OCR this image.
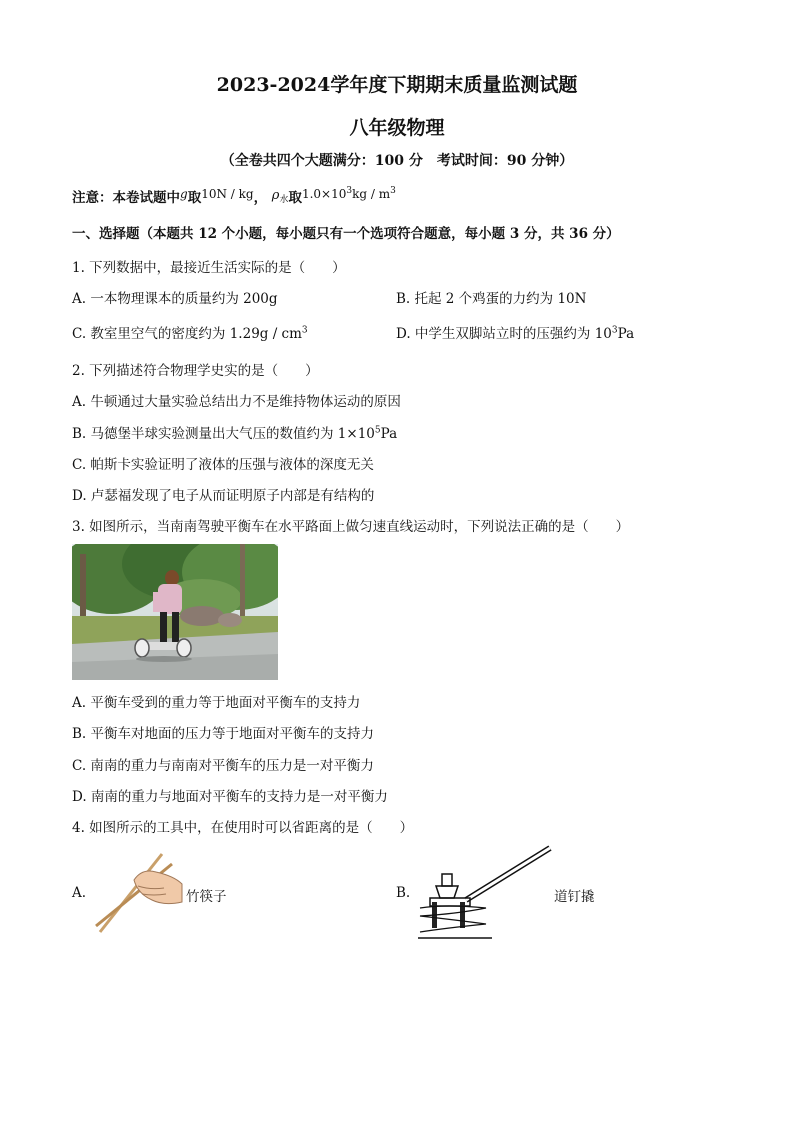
2023-2024学年度下期期末质量监测试题
八年级物理
（全卷共四个大题满分：100 分　考试时间：90 分钟）
注意：本卷试题中g取10N / kg， ρ水取$1.0\times 10^3kg / m^3$
一、选择题（本题共 12 个小题，每小题只有一个选项符合题意，每小题 3 分，共 36 分）
1. 下列数据中，最接近生活实际的是（　　）
A. 一本物理课本的质量约为 200g	B. 托起 2 个鸡蛋的力约为 10N
C. 教室里空气的密度约为 $1.29g / cm^3$	D. 中学生双脚站立时的压强约为 $10^3Pa$
2. 下列描述符合物理学史实的是（　　）
A. 牛顿通过大量实验总结出力不是维持物体运动的原因
B. 马德堡半球实验测量出大气压的数值约为 $1\times 10^5Pa$
C. 帕斯卡实验证明了液体的压强与液体的深度无关
D. 卢瑟福发现了电子从而证明原子内部是有结构的
3. 如图所示，当南南驾驶平衡车在水平路面上做匀速直线运动时，下列说法正确的是（　　）
A. 平衡车受到的重力等于地面对平衡车的支持力
B. 平衡车对地面的压力等于地面对平衡车的支持力
C. 南南的重力与南南对平衡车的压力是一对平衡力
D. 南南的重力与地面对平衡车的支持力是一对平衡力
4. 如图所示的工具中，在使用时可以省距离的是（　　）
A.	竹筷子	B.	道钉撬
